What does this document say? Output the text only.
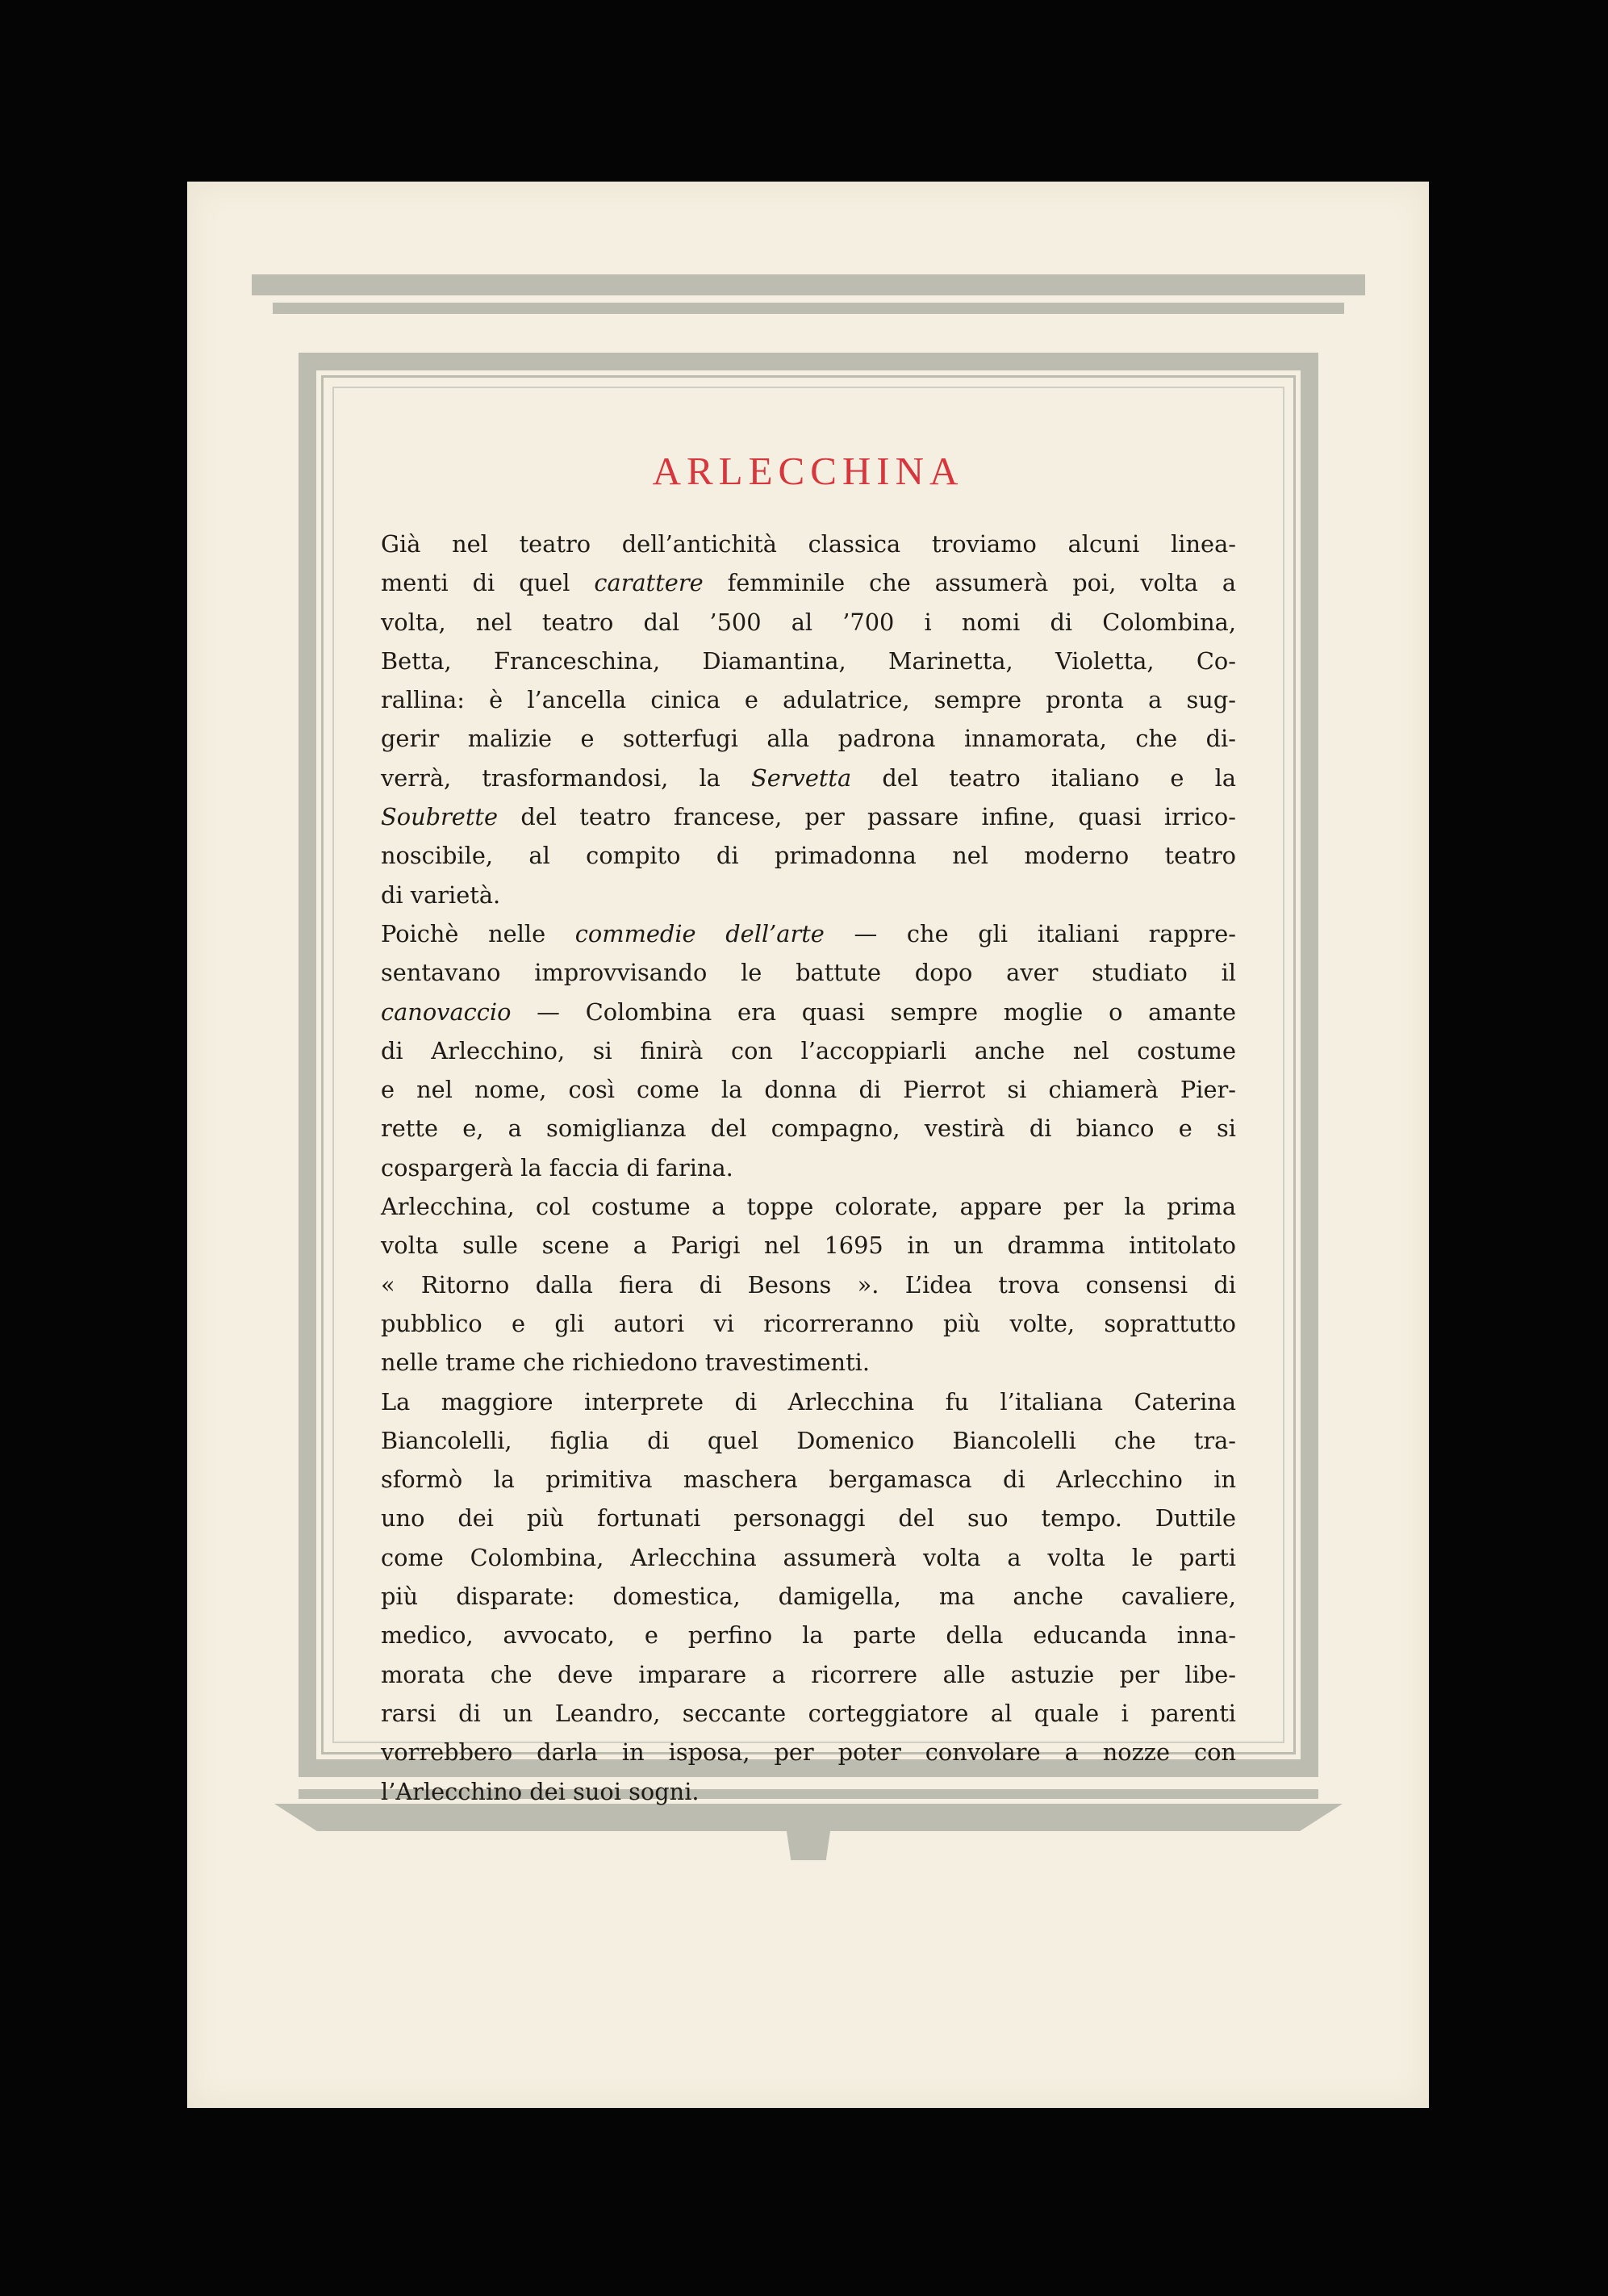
ARLECCHINA

Già nel teatro dell’antichità classica troviamo alcuni linea-
menti di quel carattere femminile che assumerà poi, volta a
volta, nel teatro dal ’500 al ’700 i nomi di Colombina,
Betta, Franceschina, Diamantina, Marinetta, Violetta, Co-
rallina: è l’ancella cinica e adulatrice, sempre pronta a sug-
gerir malizie e sotterfugi alla padrona innamorata, che di-
verrà, trasformandosi, la Servetta del teatro italiano e la
Soubrette del teatro francese, per passare infine, quasi irrico-
noscibile, al compito di primadonna nel moderno teatro
di varietà.

Poichè nelle commedie dell’arte — che gli italiani rappre-
sentavano improvvisando le battute dopo aver studiato il
canovaccio — Colombina era quasi sempre moglie o amante
di Arlecchino, si finirà con l’accoppiarli anche nel costume
e nel nome, così come la donna di Pierrot si chiamerà Pier-
rette e, a somiglianza del compagno, vestirà di bianco e si
cospargerà la faccia di farina.

Arlecchina, col costume a toppe colorate, appare per la prima
volta sulle scene a Parigi nel 1695 in un dramma intitolato
« Ritorno dalla fiera di Besons ». L’idea trova consensi di
pubblico e gli autori vi ricorreranno più volte, soprattutto
nelle trame che richiedono travestimenti.

La maggiore interprete di Arlecchina fu l’italiana Caterina
Biancolelli, figlia di quel Domenico Biancolelli che tra-
sformò la primitiva maschera bergamasca di Arlecchino in
uno dei più fortunati personaggi del suo tempo. Duttile
come Colombina, Arlecchina assumerà volta a volta le parti
più disparate: domestica, damigella, ma anche cavaliere,
medico, avvocato, e perfino la parte della educanda inna-
morata che deve imparare a ricorrere alle astuzie per libe-
rarsi di un Leandro, seccante corteggiatore al quale i parenti
vorrebbero darla in isposa, per poter convolare a nozze con
l’Arlecchino dei suoi sogni.
